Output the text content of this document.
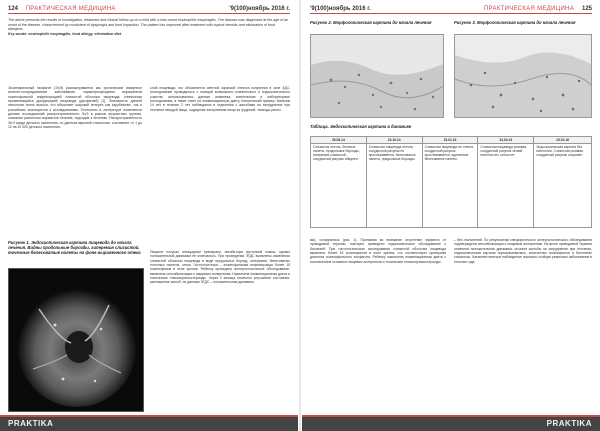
124 ПРАКТИЧЕСКАЯ МЕДИЦИНА	'9(100)ноябрь 2016 г.
The article presents the results of investigation, treatment and clinical follow-up of a child with a new-onset eosinophilic esophagitis. The disease was diagnosed at the age of an onset of the disease, characterized by consistent of dysphagia and food impaction. The patient has improved after treatment with topical steroids and elimination of food allergens.
Key words: eosinophilic esophagitis, food allergy, elimination diet.
Эозинофильный эзофагит (ЭоЭ) рассматривается как хронические иммунное антиген-опосредованное заболевание, характеризующееся выраженной эозинофильной инфильтрацией слизистой оболочки пищевода, клинически проявляющейся дисфункцией пищевода (дисфагией) [1]. Значимость данной патологии очень высока, что объясняет широкий интерес как зарубежных, так и российских клиницистов к исследованиям. Постоянно в литературе появляются данные исследований распространенности ЭоЭ в разных возрастных группах, описания различных вариантов течения, подходов к лечению. Распространенность ЭоЭ среди детского населения, по данным мировой статистики, составляет от 1 до 10 на 10 000 детского населения.
слой пищевода, что объясняется светлой окраской спектра излучения в зоне ЗДС; исследование проводилось с позиций возможного клинического и эндоскопического участия; использовались данные анамнеза, клинические и лабораторные исследования, а также ответ на элиминационную диету. Клинический пример. Мальчик 14 лет в течение 2 лет наблюдался в отделении с жалобами на затруднение при глотании твердой пищи, ощущение застревания пищи за грудиной, эпизоды рвоты.
Рисунок 1. Эндоскопическая картина пищевода до начала лечения. Видны продольные борозды, гиперемия слизистой, точечные белесоватые налеты на фоне выраженного отека	Пациент получал антацидные препараты, ингибиторы протонной помпы, однако положительной динамики не отмечалось. При проведении ЭГДС выявлены изменения слизистой оболочки пищевода в виде продольных борозд, гиперемии, белесоватых точечных налетов, отека. Гистологически – эозинофильная инфильтрация более 15 эозинофилов в поле зрения. Ребенку проведено аллергологическое обследование, выявлена сенсибилизация к пищевым аллергенам. Назначена элиминационная диета и топические глюкокортикостероиды. Через 2 месяца отмечено улучшение состояния, уменьшение жалоб, по данным ЭГДС – положительная динамика.
PRAKTIKA
'9(100)ноябрь 2016 г.	ПРАКТИЧЕСКАЯ МЕДИЦИНА 125
Рисунок 2. Морфологическая картина до начала лечения	Рисунок 3. Морфологическая картина до начала лечения
Таблица. Эндоскопическая картина в динамике
26.08.14	24.10.14	23.01.15	24.04.15	15.02.16
Слизистая отечна, белесые налеты, продольные борозды, гиперемия слизистой, сосудистый рисунок обеднен.	Слизистая пищевода отечна, сосудистый рисунок не прослеживается, белесоватые налеты, продольные борозды.	Слизистая пищевода не отечна, сосудистый рисунок прослеживается, единичные белесоватые налеты.	Слизистая пищевода розовая, сосудистый рисунок четкий, налетов нет, отека нет.	Эндоскопическая картина без патологии. Слизистая розовая, сосудистый рисунок сохранен.
ми), сохранялась (рис. 1). Принимая во внимание отсутствие эффекта от проводимой терапии, повторно проведено эндоскопическое обследование с биопсией. При гистологическом исследовании слизистой оболочки пищевода выявлено более 15 эозинофилов в поле зрения, что соответствует критериям диагноза эозинофильного эзофагита. Ребенку назначена элиминационная диета с исключением основных пищевых аллергенов и топические глюкокортикостероиды.
– без отклонений. По результатам специфического аллергологического обследования подтверждена сенсибилизация к пищевым аллергенам. На фоне проводимой терапии отмечена положительная динамика: исчезли жалобы на затруднение при глотании, эндоскопическая картина нормализовалась, количество эозинофилов в биоптатах снизилось. Катамнестическое наблюдение показало стойкую ремиссию заболевания в течение года.
PRAKTIKA
